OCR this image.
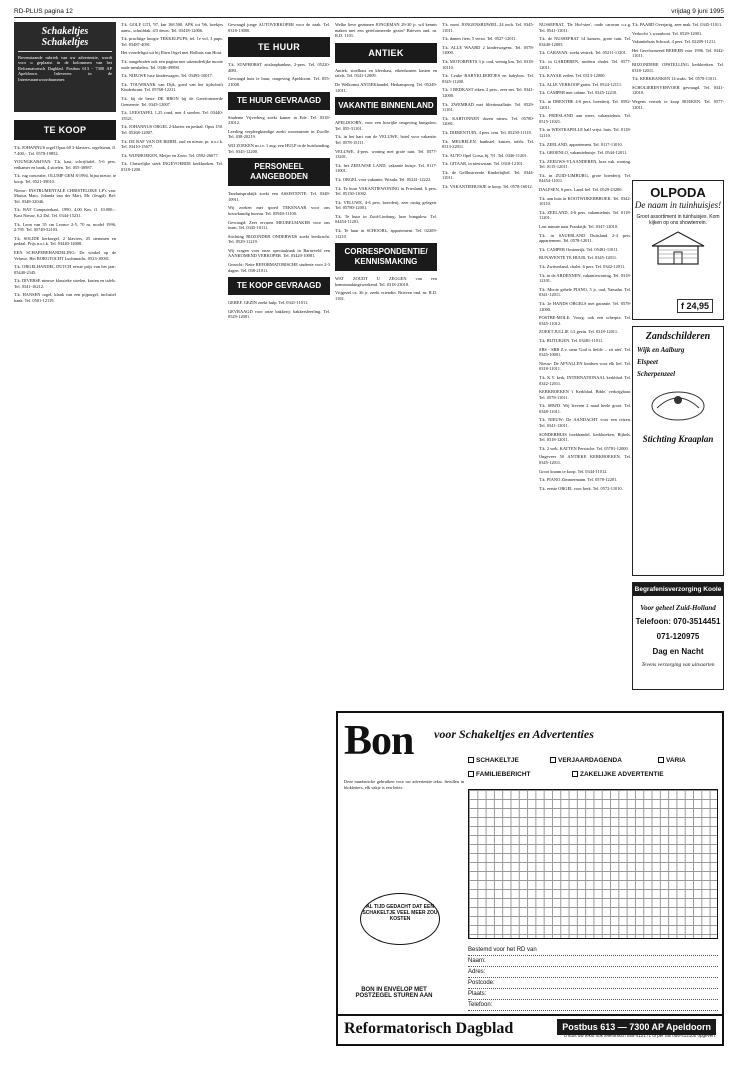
RD-PLUS pagina 12	vrijdag 9 juni 1995
Schakeltjes Schakeltjes
Bovenstaande rubriek van uw advertentie, wordt voor u geplaatst in de kolommen van het Reformatorisch Dagblad. Postbus 613 - 7300 AP Apeldoorn. Inleveren: in de Interieurantwoordnummer.
TE KOOP

T.k. JOHANNUS orgel Opus 60 3-klaviers, orgelsteun, fl. 7.400,-. Tel. 0578-19852.

YOUNGKAR4VAN: T.k. kast, schrijftafel, 5-6 pers. eetkamer en bank, 4 stoelen. Tel. 055-30987.

T.k. rug concealer, OLUMP GEM 8/1994, bijna nieuw, te koop. Tel. 0521-39010.

Nieuw: INSTRUMENTALE CHRISTELIJKE LP's van: Marius Mato, Jolanda van der Mart, Mr. (Jeugd). Bel: Tel. 0348-32046.

T.k. RAT Computerkast, 1990, 4,00 Km, fl. 10.000,-. Kast Nieuw, 6,2 Dsl. Tel. 0344-15231.

T.k. Leon van 55 cm Leonor 2-5, 70 m, model 1996, 2.795. Tel. 05749-52103.

T.k. SOLIDE kerkorgel, 2 klaviers, 25 stemmen en pedaal. Prijs n.o.t.k. Tel. 03440-14008.

EEN SCHAPEBEHANDELING: De winkel op de Veluwe. Het BORGTOCHT Luchtmacht. 0523-10001.

T.k. ORGELHANDEL DUTCH eerste prijs van het jaar: 05440-2345.

T.k. DIVERSE nieuwe klassieke stoelen, kasten en tafels. Tel. 0341-16212.

T.k. HANSEN orgel, klank van een pijporgel, inclusief bank. Tel. 0581-12119.

T.k. GOLF GTI, '97, km 168.500, APK tot '96, boekjes aanw., schuifdak, 4/5 deurs. Tel. 03418-12006.

T.k. prachtige hoogte TEKKELPUPS, tel. 1e vol, 3 pups. Tel. 03487-4091.

Het voordeligst uit bij Eben Orgel met Hofhuis van Hout.

T.k. aangeboden ook een pagina met uitzonderlijke mooie oude meubelen. Tel. 0346-49890.

T.k. NIEUWE luxe kinderwagen. Tel. 03495-10017.

T.k. TOUWBANK van Dijk, goed van het tijdschrift Kinderkrant. Tel. 05768-12211.

T.k. bij de beste DE BRON bij de Gereformeerde Gemeente. Tel. 0345-12007.

T.k. LEESTAFEL 1,25 rond, met 4 stoelen. Tel. 03440-15521.

T.k. JOHANNUS ORGEL 2-klavier en pedaal. Opus 150. Tel. 05268-12007.

T.k. DE RAF VAN DE BIJBEL oud en nieuw, pr. n.o.t.k. Tel. 03410-15677.

T.k. WIJNBOEKEN, Meijer en Zoon. Tel. 0592-26677.

T.k. Christelijke sterk INGEVOERDE kerkboeken. Tel. 0318-1200.

Gevraagd jonge AUTOVERKOPER voor de zaak. Tel. 0318-13000.

TE HUUR

T.k. STAPHORST zitslaapbanken, 2-pers. Tel. 05220-4081.

Gevraagd huis te huur, omgeving Apeldoorn. Tel. 055-21008.

TE HUUR GEVRAAGD

Studente Vijverberg zoekt kamer in Ede. Tel. 0318-23012.

Leerling verpleegkundige zoekt woonruimte in Zwolle. Tel. 038-20219.

WIJ ZOEKEN m.i.v. 1 aug. een HULP in de huishouding. Tel. 0345-12200.

PERSONEEL AANGEBODEN

Tandartspraktijk zoekt een ASSISTENTE. Tel. 0348-10911.

Wij zoeken met spoed TEKENAAR voor ons bouwkundig bureau. Tel. 05940-11100.

Gevraagd: Zeer ervaren MEUBELMAKER voor ons team. Tel. 0345-10111.

Stichting BIJZONDER ONDERWIJS zoekt leerkracht. Tel. 0529-11219.

Wij vragen voor onze speciaalzaak in Barneveld een AANKOMEND VERKOPER. Tel. 03420-10081.

Gezocht: Nette REFORMATORISCHE studente voor 2-3 dagen. Tel. 038-21011.

TE KOOP GEVRAAGD

GEREF. GEZIN zoekt hulp. Tel. 0341-11011.

GEVRAAGD voor onze bakkerij: bakkersleerling. Tel. 0529-12001.

Welke lieve gezinnen JONGEMAN 29-30 jr. wil kennis maken met een gereformeerde gezin? Brieven ond. nr. R.D. 1101.

ANTIEK

Antiek, stoelkast en kleerkast, eikenhouten kasten en tafels. Tel. 0341-12009.

De Welkomst ANTIEKhandel, Heikampweg. Tel. 05249-12011.

VAKANTIE BINNENLAND

APELDOORN, voor een bosrijke omgeving bungalow. Tel. 055-31101.

T.k. in het hart van de VELUWE, hotel voor vakantie. Tel. 0578-15111.

VELUWE, 4-pers. woning met grote tuin. Tel. 0577-13201.

T.k. het ZEEUWSE LAND, vakantie huisje. Tel. 0117-11001.

T.k. ORGEL voor vakantie, Wouda. Tel. 05241-12222.

T.k. Te huur VAKANTIEWONING in Friesland, 6 pers. Tel. 05150-11002.

T.k. VELUWE, 4-6 pers. boerderij, zeer rustig gelegen. Tel. 05780-12001.

T.k. Te huur in Zuid-Limburg, luxe bungalow. Tel. 04454-11201.

T.k. Te huur in SCHOORL, appartement. Tel. 02209-11210.

CORRESPONDENTIE/ KENNISMAKING

WAT ZOUDT U ZEGGEN van een kennismakingsweekend. Tel. 0318-23018.

Vrijgezel ca. 36 jr. zoekt vriendin. Brieven ond. nr. R.D. 1102.

T.k. mooi JONGENSRIJWIEL 24 inch. Tel. 0345-11011.

T.k. dames fiets, 5 versn. Tel. 0527-12011.

T.k. ALLE WAARD 2 kinderwagens. Tel. 0578-11000.

T.k. MOTORFIETS 3 jr. oud, weinig km. Tel. 0318-10110.

T.k. Leuke BABYKLEERTJES en babybox. Tel. 0345-11200.

T.k. 1 BEDKAST eiken, 2 pers., zeer net. Tel. 0341-12000.

T.k. ZWEMBAD met filterinstallatie. Tel. 0529-11101.

T.k. KARTONNEN dozen nieuw. Tel. 05780-12001.

T.k. DIERENTUIN, 4 pers. tent. Tel. 05250-11110.

T.k. MEUBELEN, bankstel, kasten, tafels. Tel. 0513-22011.

T.k. AUTO Opel Corsa, bj. '91. Tel. 0346-11201.

T.k. GITAAR, in nieuwstaat. Tel. 0318-12101.

T.k. de Geïllustreerde Kinderbijbel. Tel. 0344-11011.

T.k. VAKANTIEHUISJE te koop. Tel. 0578-16012.

NUSSEFRAT, 'De Hof-stee', oude caravan o.z.g. Tel. 0541-11011.

T.k. de NUSSEFRAT 14 kamers, grote tuin. Tel. 03440-12005.

T.k. CARAVAN: zoekt vertrek. Tel. 05211-11201.

T.k. in GARDEREN, modern chalet. Tel. 0577-12011.

T.k. KAYAK zeilen. Tel. 0313-12000.

T.k. ALLE VERKOOP gratis. Tel. 0524-12111.

T.k. CAMPER met cabine. Tel. 0345-12210.

T.k. in DRENTHE 4-6 pers. boerderij. Tel. 0592-12011.

T.k. FRIESLAND aan meer, vakantiehuis. Tel. 0515-11021.

T.k. in WESTKAPELLE half vrijst. huis. Tel. 0118-12110.

T.k. ZEELAND, appartement. Tel. 0117-11010.

T.k. GROENLO, vakantiehuisje. Tel. 0544-12011.

T.k. ZEEUWS-VLAANDEREN, luxe vak. woning. Tel. 0115-12011.

T.k. in ZUID-LIMBURG, grote boerderij. Tel. 04454-11011.

DALFSEN, 6 pers. Land. bel. Tel. 0529-23200.

T.k. aan huis in KOOTWIJKERBROEK. Tel. 0342-10110.

T.k. ZEELAND, 4-6 pers. vakantiehuis. Tel. 0118-11201.

Last minute naar Frankrijk. Tel. 0347-12010.

T.k. in SAUERLAND Duitsland 2-4 pers. appartement. Tel. 0578-12011.

T.k. CAMPER Oostenrijk. Tel. 05481-11011.

BUNAVENTE TE HUUR. Tel. 0345-12011.

T.k. Zwitserland, chalet, 6 pers. Tel. 0342-12011.

T.k. in de ARDENNEN, vakantiewoning. Tel. 0318-12101.

T.k. Mooie gehele PIANO, 5 jr. oud, Yamaha. Tel. 0341-12011.

T.k. 2e HANDS ORGELS met garantie. Tel. 0578-12000.

POSTBE-MOLE: Voorg. ook een scherpte. Tel. 0345-11012.

ZOEKT JULLIE 1/2 gezin. Tel. 0318-12011.

T.k. RIJTUIGEN. Tel. 03481-11011.

SBS - SBB Z.v. stem 'God is liefde ... zit niet'. Tel. 0345-10001.

Nieuw: De AFVALLEN kindsen voor elk lief. Tel. 0318-11011.

T.k. K.V. kerk, INTERNATIONAAL kerkblad. Tel. 0342-12011.

KERKBOEKEN 't Kerkblad. Bible, verkrijgbaar. Tel. 0578-11011.

T.k. SRWD. Wij leveren 2 maal heele groot. Tel. 0348-11011.

T.k. NIEUW: De AANDACHT voor een reizen. Tel. 0341-13011.

SONDERHUIS boekhandel, kerkboeken, Bijbels. Tel. 0318-12011.

T.k. 2 wek. KATTEN Persische. Tel. 05781-12000.

Ongeveer 50 ANTIEKE KERKBOEKEN. Tel. 0345-12011.

Groot kraam te koop. Tel. 0344-11012.

T.k. PIANO Zimmermann. Tel. 0578-12201.

T.k. eerste ORGEL voor kerk. Tel. 0572-11010.

T.k. PAARD Overjarig, zeer mak. Tel. 0345-11011.

Verkocht 's woonboot. Tel. 0529-12001.

Vakantiehuis Schoorl, 4 pers. Tel. 02209-11211.

Het Gereformeerd BEHEER voor 1996. Tel. 0342-11011.

BIJZONDERE OPSTELLING kerkboeken. Tel. 0318-12011.

T.k. KERKBANKEN 14 stuks. Tel. 0578-11011.

SCHOLIERENVERVOER gevraagd. Tel. 0341-12010.

Wegens vertrek te koop BOEKEN. Tel. 0577-12011.

OLPODA
De naam in tuinhuisjes!
Groot assortiment in tuinhuisjes. Kom kijken op ons showterrein.
f 24,95
Zandschilderen
Wijk en Aalburg
Elspeet
Scherpenzeel
Stichting Kraaplan
Begrafenisverzorging Koole
Voor geheel Zuid-Holland
Telefoon: 070-3514451
071-120975
Dag en Nacht
Tevens verzorging van uitvaarten
Bon voor Schakeltjes en Advertenties
SCHAKELTJE	VERJAARDAGENDA	VARIA
FAMILIEBERICHT	ZAKELIJKE ADVERTENTIE
Deze numbericke gebruiken voor uw advertentie tekst. Invullen in blokletters, elk vakje is een letter.
AL TIJD GEDACHT DAT EEN SCHAKELTJE VEEL MEER ZOU KOSTEN
Bestemd voor het RD van
Naam:
Adres:
Postcode:
Plaats:
Telefoon:
BON IN ENVELOP MET POSTZEGEL STUREN AAN
Reformatorisch Dagblad	Postbus 613 — 7300 AP Apeldoorn
U kunt uw tekst ook telefonisch 055-412171 of per fax 055-412100 opgeven.
